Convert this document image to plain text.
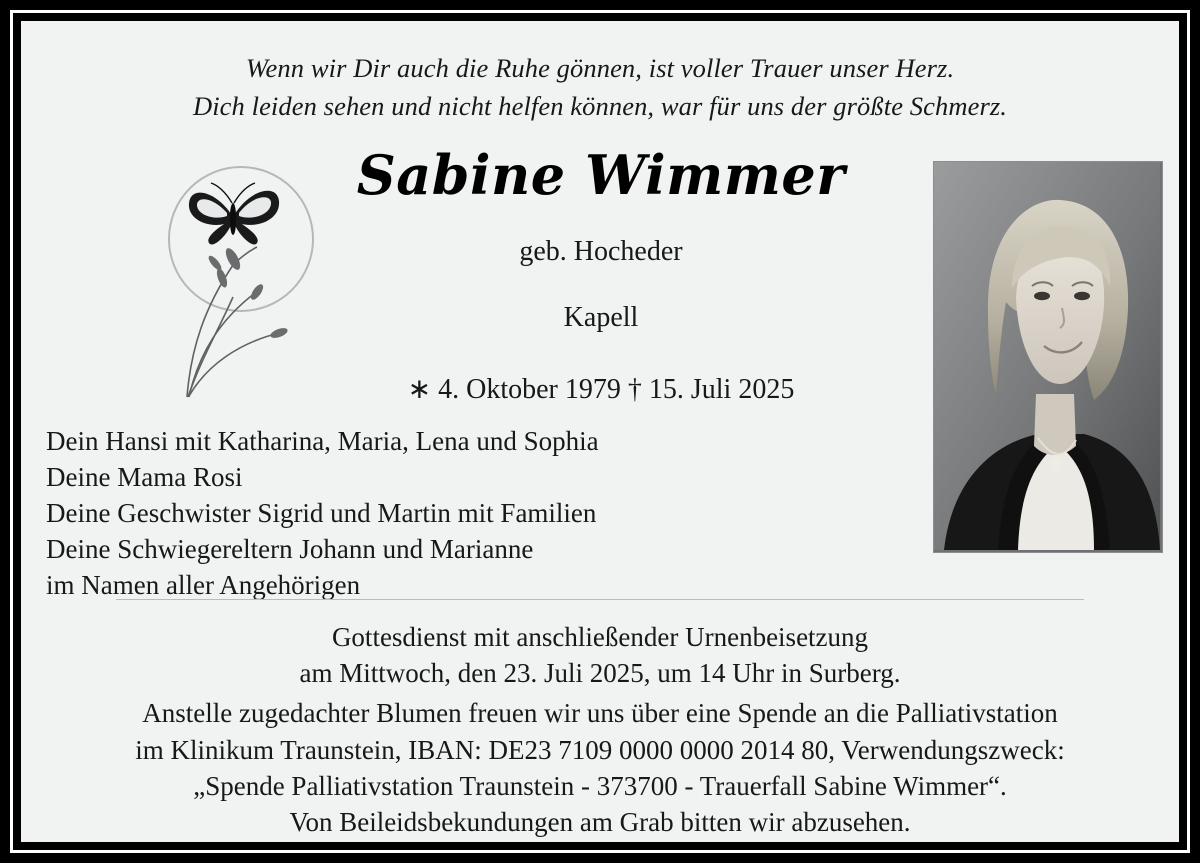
Wenn wir Dir auch die Ruhe gönnen, ist voller Trauer unser Herz.
Dich leiden sehen und nicht helfen können, war für uns der größte Schmerz.
Sabine Wimmer
geb. Hocheder
Kapell
∗ 4. Oktober 1979 † 15. Juli 2025
Dein Hansi mit Katharina, Maria, Lena und Sophia
Deine Mama Rosi
Deine Geschwister Sigrid und Martin mit Familien
Deine Schwiegereltern Johann und Marianne
im Namen aller Angehörigen
Gottesdienst mit anschließender Urnenbeisetzung
am Mittwoch, den 23. Juli 2025, um 14 Uhr in Surberg.
Anstelle zugedachter Blumen freuen wir uns über eine Spende an die Palliativstation
im Klinikum Traunstein, IBAN: DE23 7109 0000 0000 2014 80, Verwendungszweck:
„Spende Palliativstation Traunstein - 373700 - Trauerfall Sabine Wimmer“.
Von Beileidsbekundungen am Grab bitten wir abzusehen.
